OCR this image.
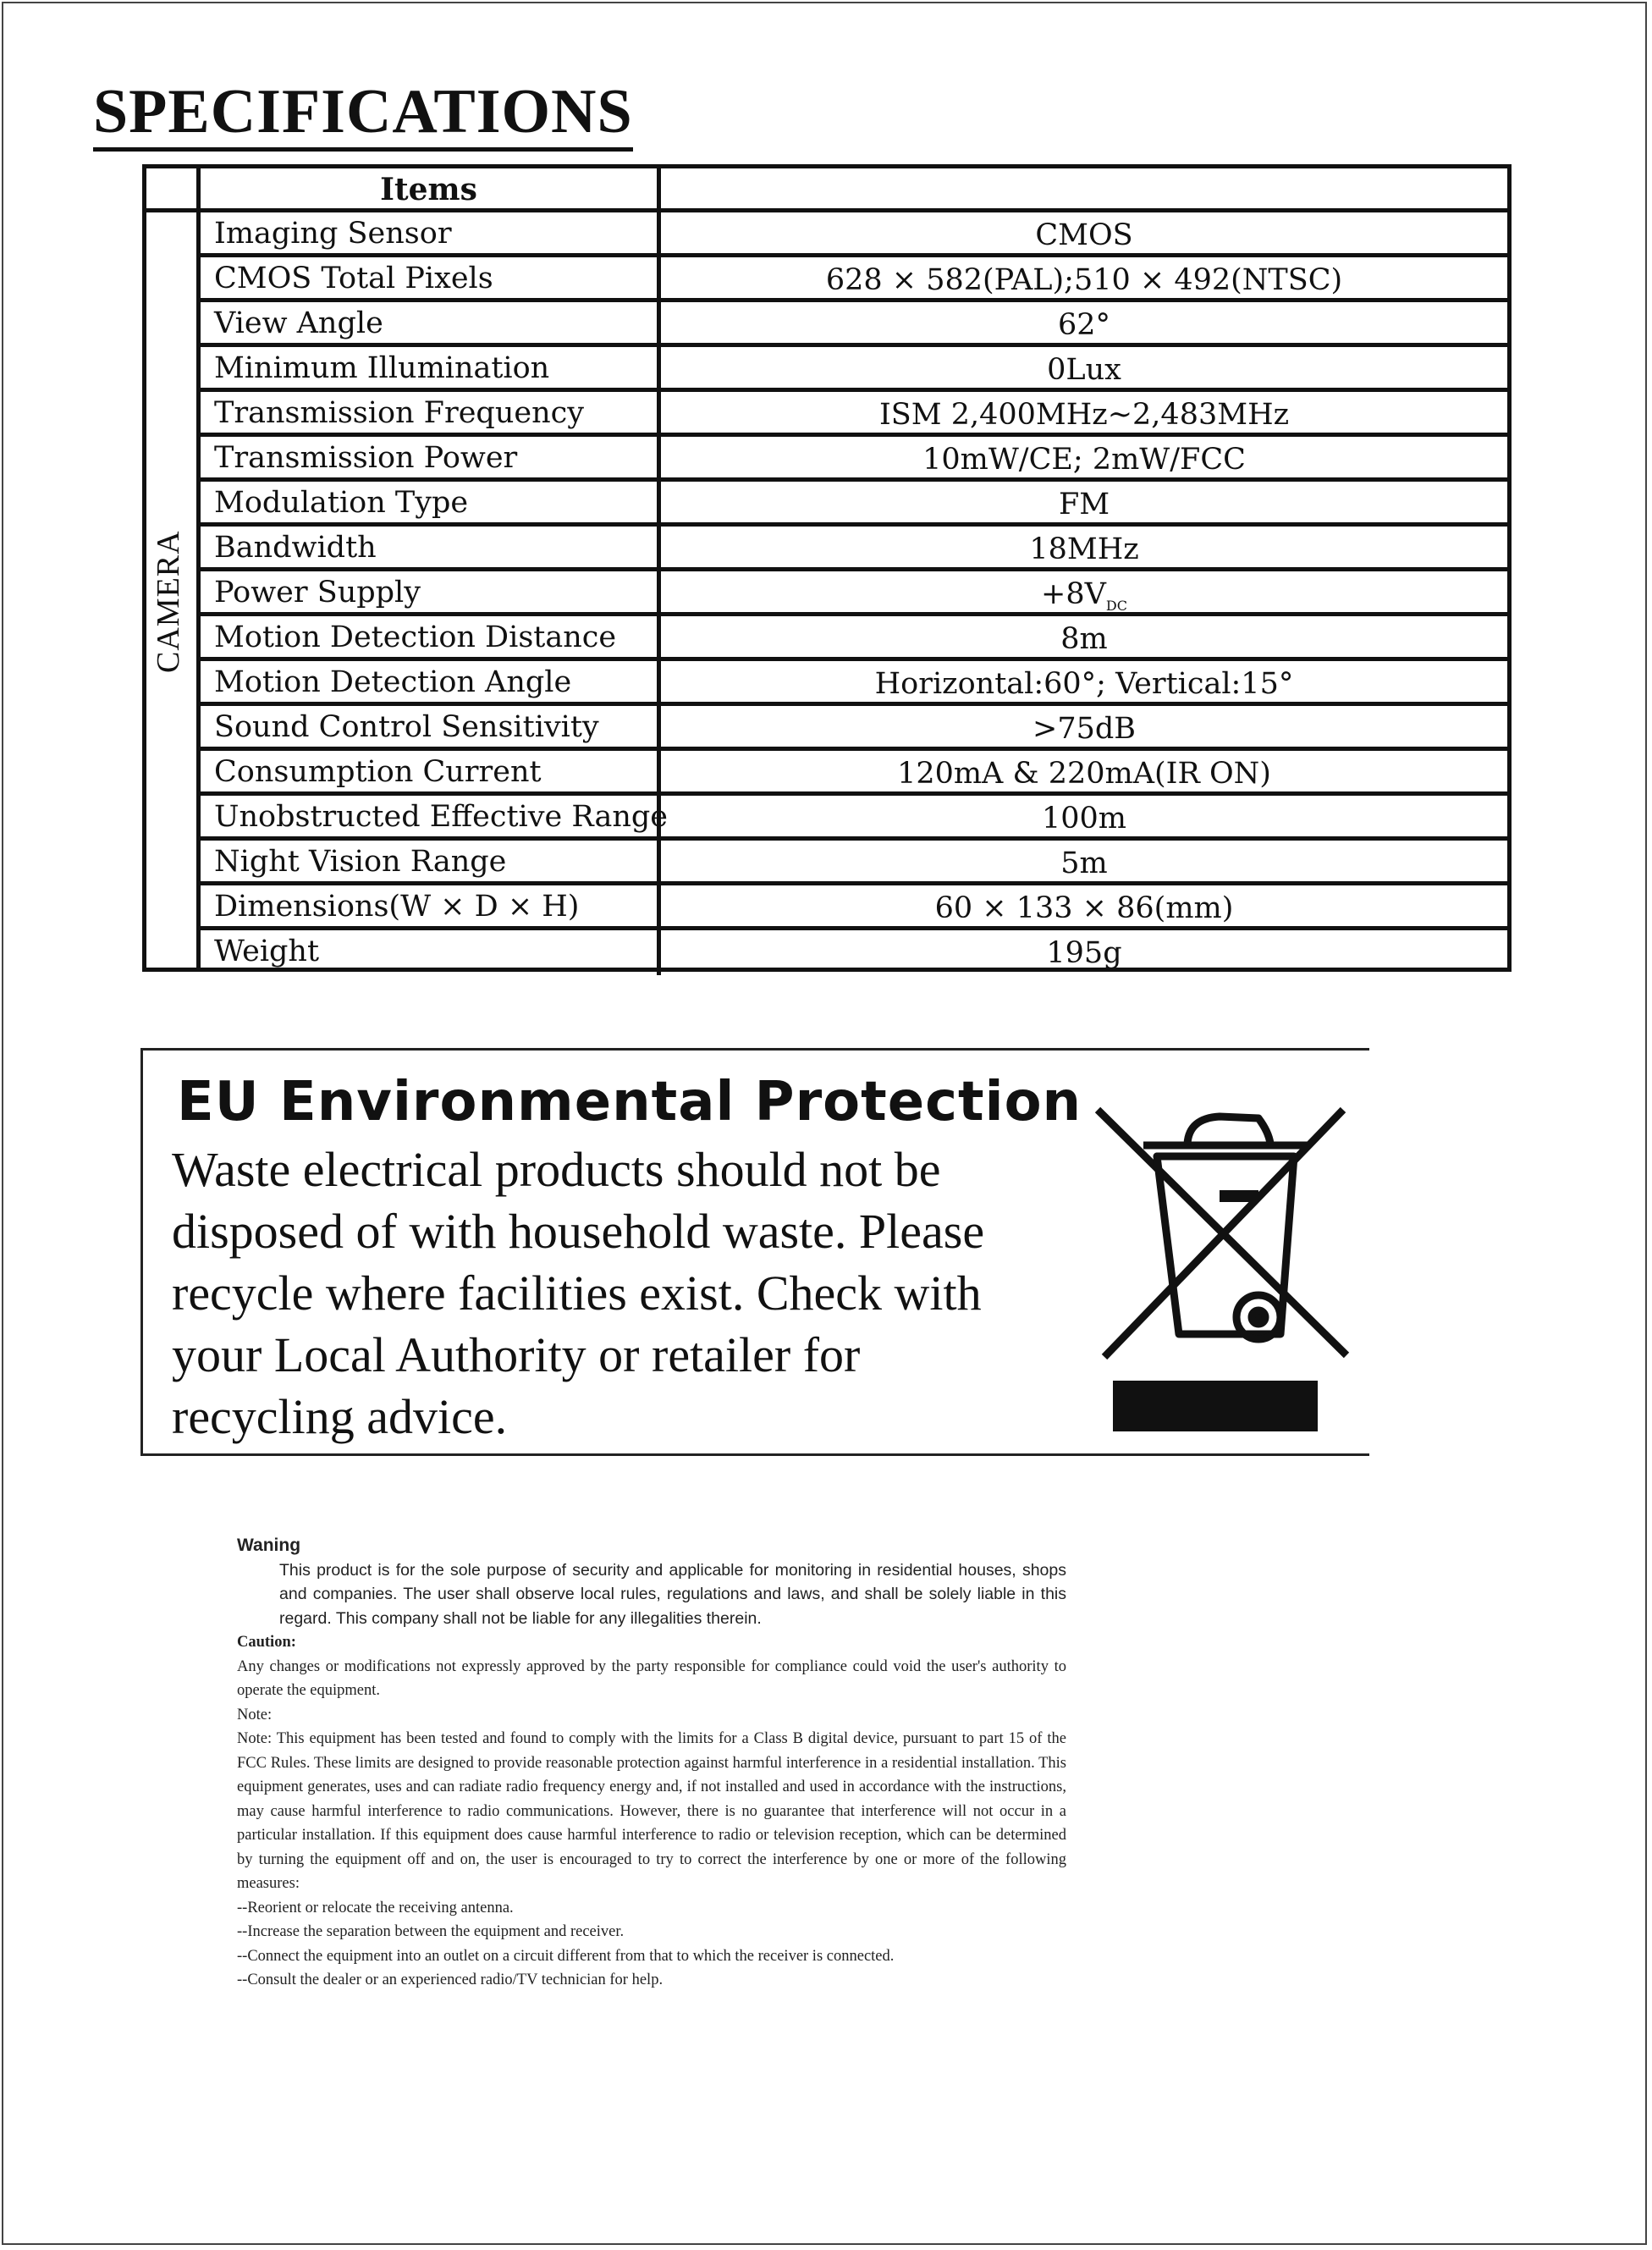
SPECIFICATIONS
CAMERA
Items
Imaging Sensor	CMOS
CMOS Total Pixels	628 × 582(PAL);510 × 492(NTSC)
View Angle	62°
Minimum Illumination	0Lux
Transmission Frequency	ISM 2,400MHz~2,483MHz
Transmission Power	10mW/CE; 2mW/FCC
Modulation Type	FM
Bandwidth	18MHz
Power Supply	$+8V_{DC}$
Motion Detection Distance	8m
Motion Detection Angle	Horizontal:60°; Vertical:15°
Sound Control Sensitivity	>75dB
Consumption Current	120mA & 220mA(IR ON)
Unobstructed Effective Range	100m
Night Vision Range	5m
Dimensions(W × D × H)	60 × 133 × 86(mm)
Weight	195g
EU Environmental Protection
Waste electrical products should not be
disposed of with household waste. Please
recycle where facilities exist. Check with
your Local Authority or retailer for
recycling advice.
Waning

This product is for the sole purpose of security and applicable for monitoring in residential houses, shops and companies. The user shall observe local rules, regulations and laws, and shall be solely liable in this regard. This company shall not be liable for any illegalities therein.

Caution:

Any changes or modifications not expressly approved by the party responsible for compliance could void the user's authority to operate the equipment.

Note:

Note: This equipment has been tested and found to comply with the limits for a Class B digital device, pursuant to part 15 of the FCC Rules. These limits are designed to provide reasonable protection against harmful interference in a residential installation. This equipment generates, uses and can radiate radio frequency energy and, if not installed and used in accordance with the instructions, may cause harmful interference to radio communications. However, there is no guarantee that interference will not occur in a particular installation. If this equipment does cause harmful interference to radio or television reception, which can be determined by turning the equipment off and on, the user is encouraged to try to correct the interference by one or more of the following measures:

--Reorient or relocate the receiving antenna.
--Increase the separation between the equipment and receiver.
--Connect the equipment into an outlet on a circuit different from that to which the receiver is connected.
--Consult the dealer or an experienced radio/TV technician for help.
